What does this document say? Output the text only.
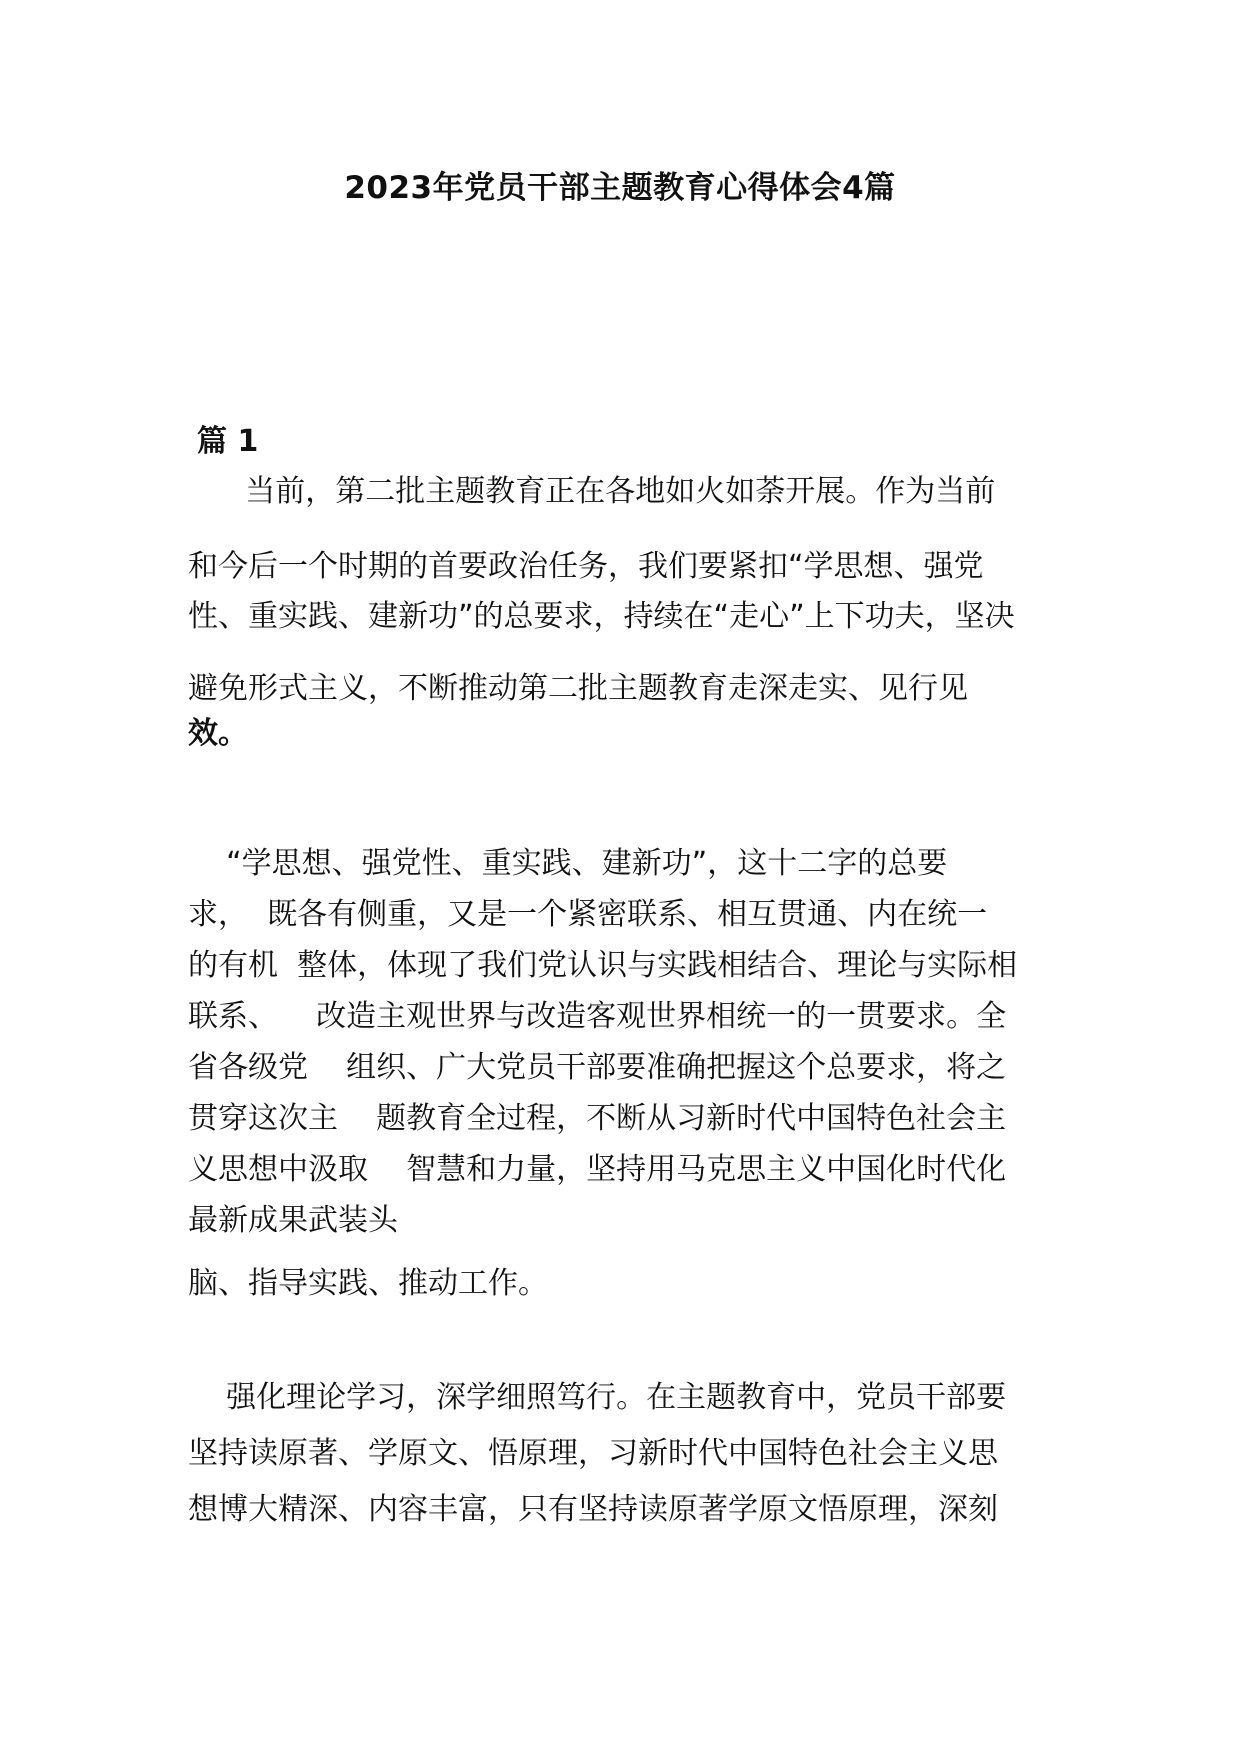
2023年党员干部主题教育心得体会4篇
篇 1
当前，第二批主题教育正在各地如火如荼开展。作为当前
和今后一个时期的首要政治任务，我们要紧扣“学思想、强党
性、重实践、建新功”的总要求，持续在“走心”上下功夫，坚决
避免形式主义，不断推动第二批主题教育走深走实、见行见
效。
“学思想、强党性、重实践、建新功”，这十二字的总要
求，  既各有侧重，又是一个紧密联系、相互贯通、内在统一
的有机  整体，体现了我们党认识与实践相结合、理论与实际相
联系、    改造主观世界与改造客观世界相统一的一贯要求。全
省各级党    组织、广大党员干部要准确把握这个总要求，将之
贯穿这次主    题教育全过程，不断从习新时代中国特色社会主
义思想中汲取    智慧和力量，坚持用马克思主义中国化时代化
最新成果武装头
脑、指导实践、推动工作。
强化理论学习，深学细照笃行。在主题教育中，党员干部要
坚持读原著、学原文、悟原理，习新时代中国特色社会主义思
想博大精深、内容丰富，只有坚持读原著学原文悟原理，深刻
